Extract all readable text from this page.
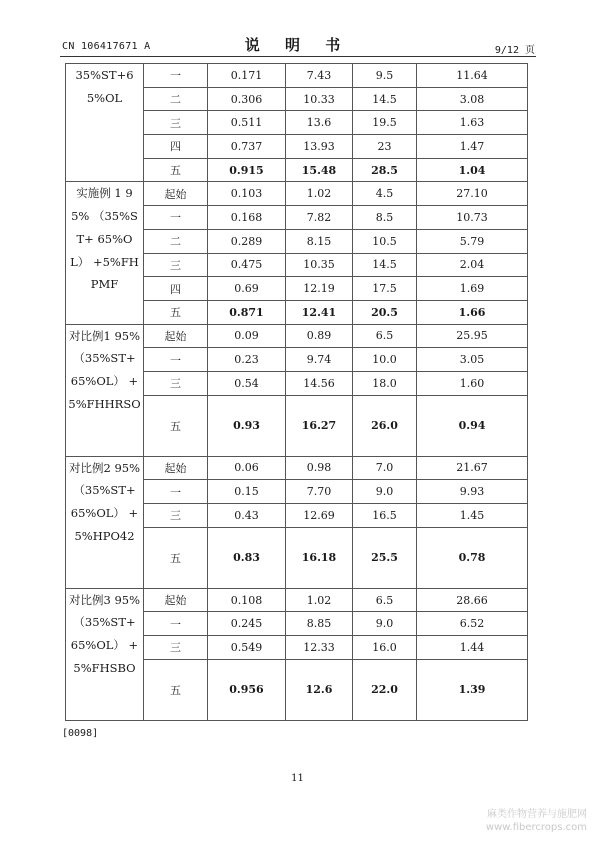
CN 106417671 A	说 明 书	9/12 页
35%ST+65%OL	一	0.171	7.43	9.5	11.64
	二	0.306	10.33	14.5	3.08
	三	0.511	13.6	19.5	1.63
	四	0.737	13.93	23	1.47
	五	0.915	15.48	28.5	1.04
实施例 1 95% （35%ST+ 65%OL） +5%FHPMF	起始	0.103	1.02	4.5	27.10
	一	0.168	7.82	8.5	10.73
	二	0.289	8.15	10.5	5.79
	三	0.475	10.35	14.5	2.04
	四	0.69	12.19	17.5	1.69
	五	0.871	12.41	20.5	1.66
对比例1 95% （35%ST+ 65%OL） +5%FHHRSO	起始	0.09	0.89	6.5	25.95
	一	0.23	9.74	10.0	3.05
	三	0.54	14.56	18.0	1.60
	五	0.93	16.27	26.0	0.94
对比例2 95% （35%ST+ 65%OL） +5%HPO42	起始	0.06	0.98	7.0	21.67
	一	0.15	7.70	9.0	9.93
	三	0.43	12.69	16.5	1.45
	五	0.83	16.18	25.5	0.78
对比例3 95% （35%ST+ 65%OL） +5%FHSBO	起始	0.108	1.02	6.5	28.66
	一	0.245	8.85	9.0	6.52
	三	0.549	12.33	16.0	1.44
	五	0.956	12.6	22.0	1.39
[0098]
11
麻类作物营养与施肥网
www.fibercrops.com
